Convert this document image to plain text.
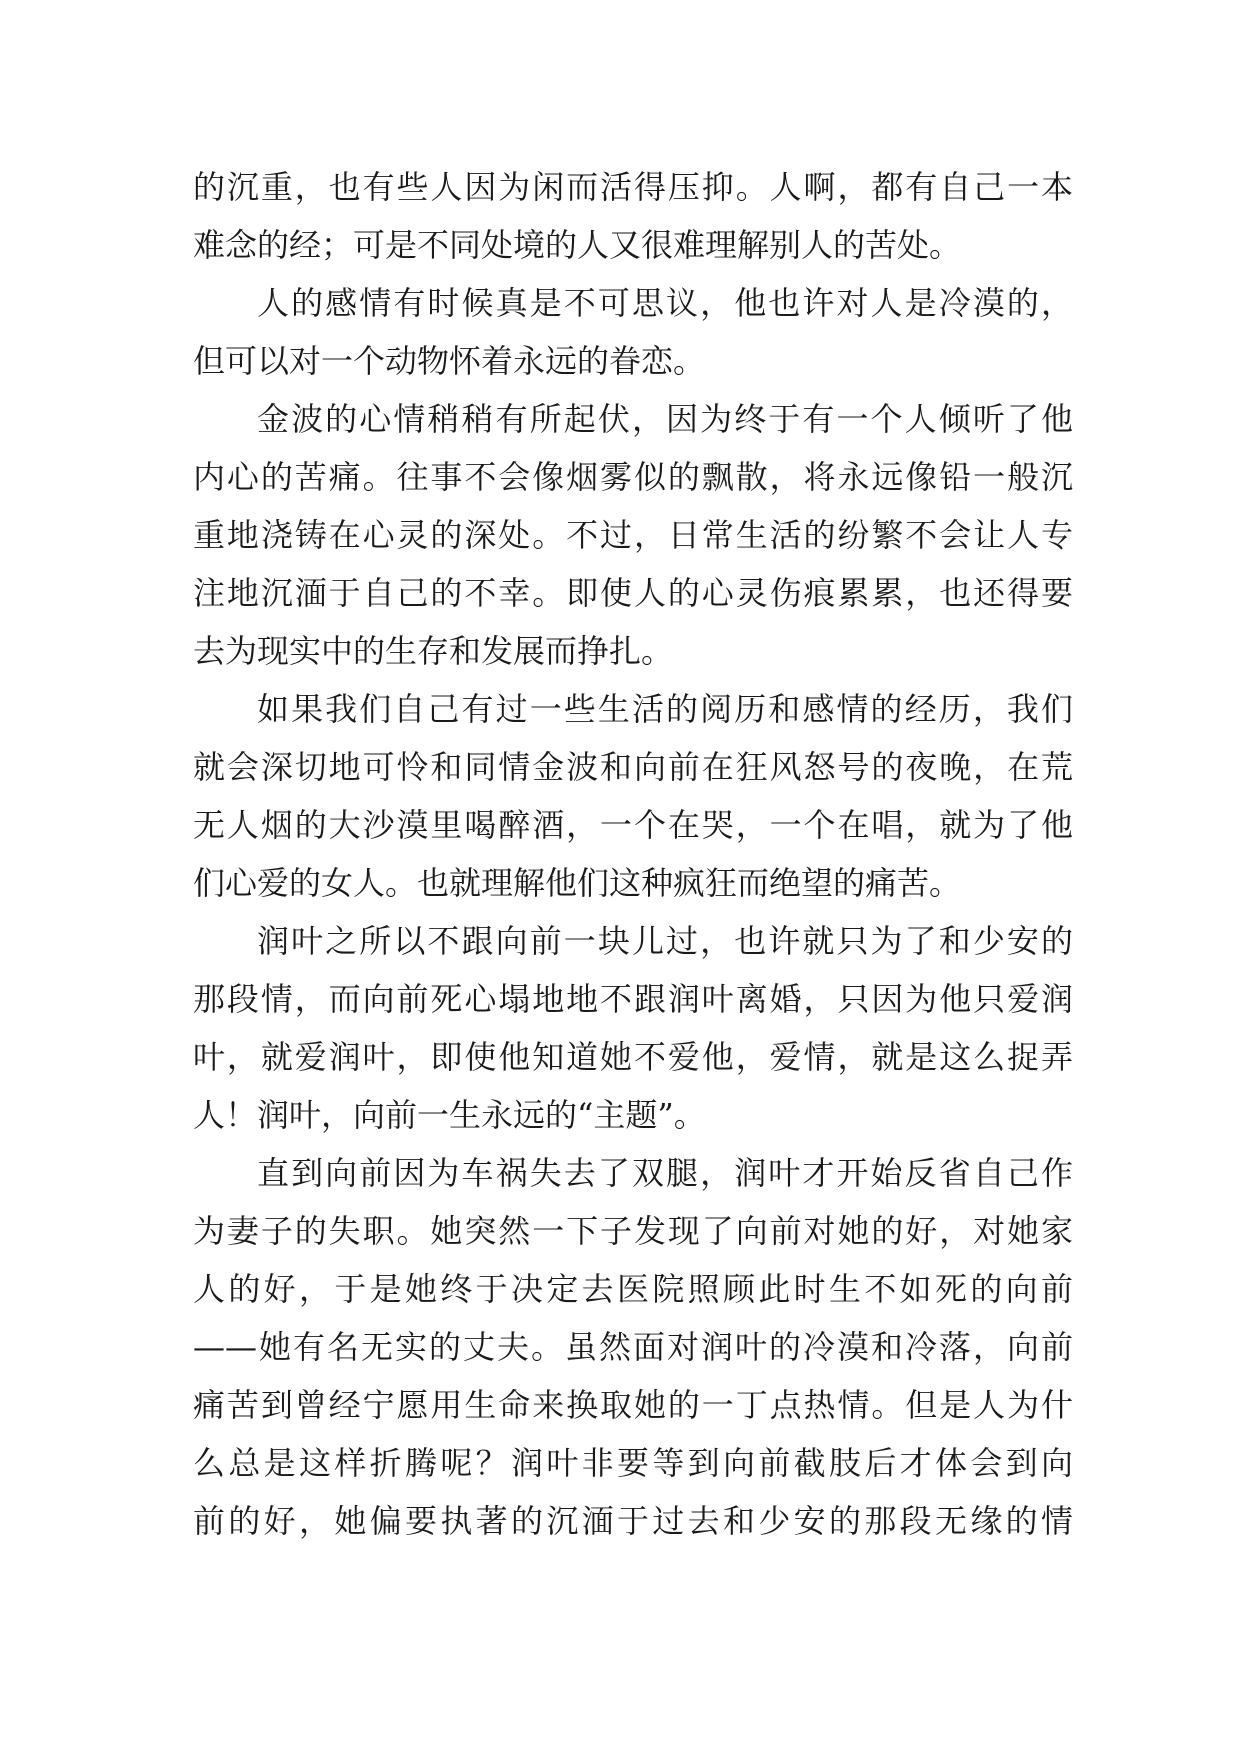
的沉重，也有些人因为闲而活得压抑。人啊，都有自己一本
难念的经；可是不同处境的人又很难理解别人的苦处。
人的感情有时候真是不可思议，他也许对人是冷漠的，
但可以对一个动物怀着永远的眷恋。
金波的心情稍稍有所起伏，因为终于有一个人倾听了他
内心的苦痛。往事不会像烟雾似的飘散，将永远像铅一般沉
重地浇铸在心灵的深处。不过，日常生活的纷繁不会让人专
注地沉湎于自己的不幸。即使人的心灵伤痕累累，也还得要
去为现实中的生存和发展而挣扎。
如果我们自己有过一些生活的阅历和感情的经历，我们
就会深切地可怜和同情金波和向前在狂风怒号的夜晚，在荒
无人烟的大沙漠里喝醉酒，一个在哭，一个在唱，就为了他
们心爱的女人。也就理解他们这种疯狂而绝望的痛苦。
润叶之所以不跟向前一块儿过，也许就只为了和少安的
那段情，而向前死心塌地地不跟润叶离婚，只因为他只爱润
叶，就爱润叶，即使他知道她不爱他，爱情，就是这么捉弄
人！润叶，向前一生永远的“主题”。
直到向前因为车祸失去了双腿，润叶才开始反省自己作
为妻子的失职。她突然一下子发现了向前对她的好，对她家
人的好，于是她终于决定去医院照顾此时生不如死的向前
——她有名无实的丈夫。虽然面对润叶的冷漠和冷落，向前
痛苦到曾经宁愿用生命来换取她的一丁点热情。但是人为什
么总是这样折腾呢？润叶非要等到向前截肢后才体会到向
前的好，她偏要执著的沉湎于过去和少安的那段无缘的情
